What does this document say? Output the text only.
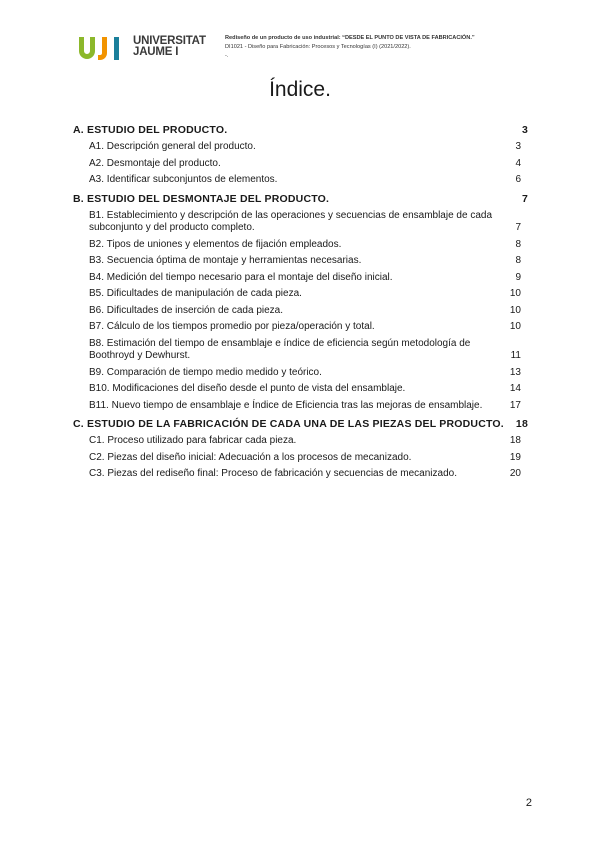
UNIVERSITAT
JAUME I
Rediseño de un producto de uso industrial: “DESDE EL PUNTO DE VISTA DE FABRICACIÓN.”
DI1021 - Diseño para Fabricación: Procesos y Tecnologías (I) (2021/2022).
-.
Índice.
A. ESTUDIO DEL PRODUCTO.	3
A1. Descripción general del producto.	3
A2. Desmontaje del producto.	4
A3. Identificar subconjuntos de elementos.	6
B. ESTUDIO DEL DESMONTAJE DEL PRODUCTO.	7
B1. Establecimiento y descripción de las operaciones y secuencias de ensamblaje de cada subconjunto y del producto completo.	7
B2. Tipos de uniones y elementos de fijación empleados.	8
B3. Secuencia óptima de montaje y herramientas necesarias.	8
B4. Medición del tiempo necesario para el montaje del diseño inicial.	9
B5. Dificultades de manipulación de cada pieza.	10
B6. Dificultades de inserción de cada pieza.	10
B7. Cálculo de los tiempos promedio por pieza/operación y total.	10
B8. Estimación del tiempo de ensamblaje e índice de eficiencia según metodología de Boothroyd y Dewhurst.	11
B9. Comparación de tiempo medio medido y teórico.	13
B10. Modificaciones del diseño desde el punto de vista del ensamblaje.	14
B11. Nuevo tiempo de ensamblaje e Índice de Eficiencia tras las mejoras de ensamblaje.	17
C. ESTUDIO DE LA FABRICACIÓN DE CADA UNA DE LAS PIEZAS DEL PRODUCTO. 18
C1. Proceso utilizado para fabricar cada pieza.	18
C2. Piezas del diseño inicial: Adecuación a los procesos de mecanizado.	19
C3. Piezas del rediseño final: Proceso de fabricación y secuencias de mecanizado.	20
2
